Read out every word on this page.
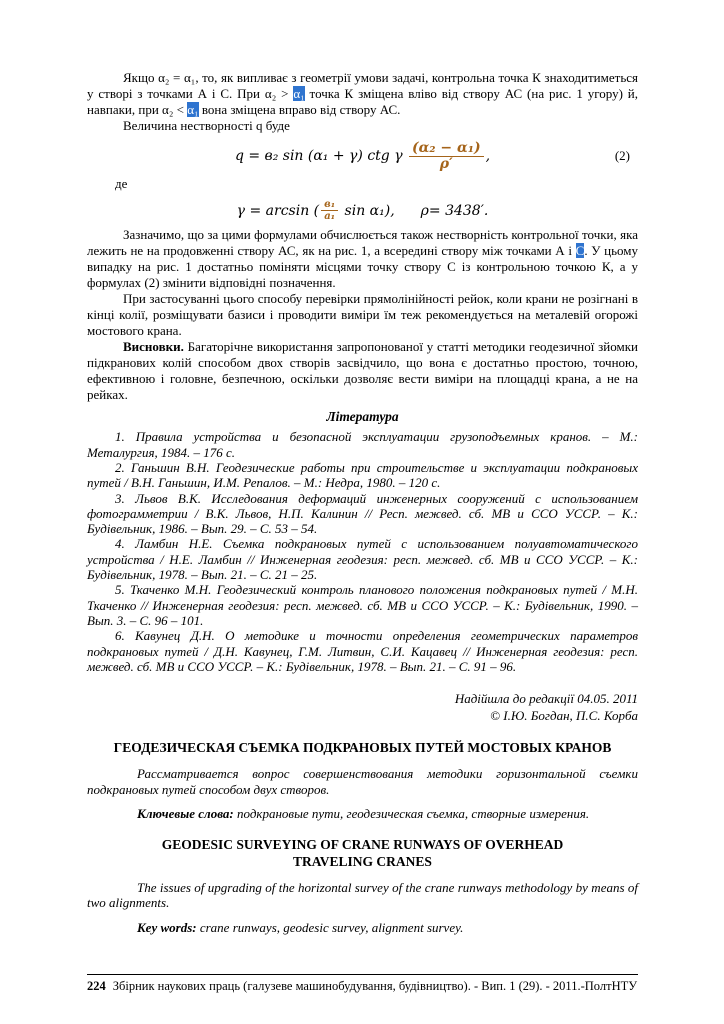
Якщо α₂ = α₁, то, як випливає з геометрії умови задачі, контрольна точка К знаходитиметься у створі з точками А і С. При α₂ > α₁ точка К зміщена вліво від створу АС (на рис. 1 угору) й, навпаки, при α₂ < α₁ вона зміщена вправо від створу АС.

Величина нестворності q буде

q = в₂ sin (α₁ + γ) ctg γ $\frac{\text{(α₂ − α₁)}}{\rho'}$ ,	(2)

де

γ = arcsin ( $\frac{\text{в₁}}{\text{а₁}}$ sin α₁), ρ= 3438′.

Зазначимо, що за цими формулами обчислюється також нестворність контрольної точки, яка лежить не на продовженні створу АС, як на рис. 1, а всередині створу між точками А і С. У цьому випадку на рис. 1 достатньо поміняти місцями точку створу С із контрольною точкою К, а у формулах (2) змінити відповідні позначення.

При застосуванні цього способу перевірки прямолінійності рейок, коли крани не розігнані в кінці колії, розміщувати базиси і проводити виміри їм теж рекомендується на металевій огорожі мостового крана.

Висновки. Багаторічне використання запропонованої у статті методики геодезичної зйомки підкранових колій способом двох створів засвідчило, що вона є достатньо простою, точною, ефективною і головне, безпечною, оскільки дозволяє вести виміри на площадці крана, а не на рейках.

Література

1. Правила устройства и безопасной эксплуатации грузоподъемных кранов. – М.: Металургия, 1984. – 176 с.

2. Ганьшин В.Н. Геодезические работы при строительстве и эксплуатации подкрановых путей / В.Н. Ганьшин, И.М. Репалов. – М.: Недра, 1980. – 120 с.

3. Львов В.К. Исследования деформаций инженерных сооружений с использованием фотограмметрии / В.К. Львов, Н.П. Калинин // Респ. межвед. сб. МВ и ССО УССР. – К.: Будівельник, 1986. – Вып. 29. – С. 53 – 54.

4. Ламбин Н.Е. Съемка подкрановых путей с использованием полуавтоматического устройства / Н.Е. Ламбин // Инженерная геодезия: респ. межвед. сб. МВ и ССО УССР. – К.: Будівельник, 1978. – Вып. 21. – С. 21 – 25.

5. Ткаченко М.Н. Геодезический контроль планового положения подкрановых путей / М.Н. Ткаченко // Инженерная геодезия: респ. межвед. сб. МВ и ССО УССР. – К.: Будівельник, 1990. – Вып. 3. – С. 96 – 101.

6. Кавунец Д.Н. О методике и точности определения геометрических параметров подкрановых путей / Д.Н. Кавунец, Г.М. Литвин, С.И. Кацавец // Инженерная геодезия: респ. межвед. сб. МВ и ССО УССР. – К.: Будівельник, 1978. – Вып. 21. – С. 91 – 96.

Надійшла до редакції 04.05. 2011
© І.Ю. Богдан, П.С. Корба
ГЕОДЕЗИЧЕСКАЯ СЪЕМКА ПОДКРАНОВЫХ ПУТЕЙ МОСТОВЫХ КРАНОВ

Рассматривается вопрос совершенствования методики горизонтальной съемки подкрановых путей способом двух створов.

Ключевые слова: подкрановые пути, геодезическая съемка, створные измерения.

GEODESIC SURVEYING OF CRANE RUNWAYS OF OVERHEAD TRAVELING CRANES

The issues of upgrading of the horizontal survey of the crane runways methodology by means of two alignments.

Key words: crane runways, geodesic survey, alignment survey.

224 Збірник наукових праць (галузеве машинобудування, будівництво). - Вип. 1 (29). - 2011.-ПолтНТУ
